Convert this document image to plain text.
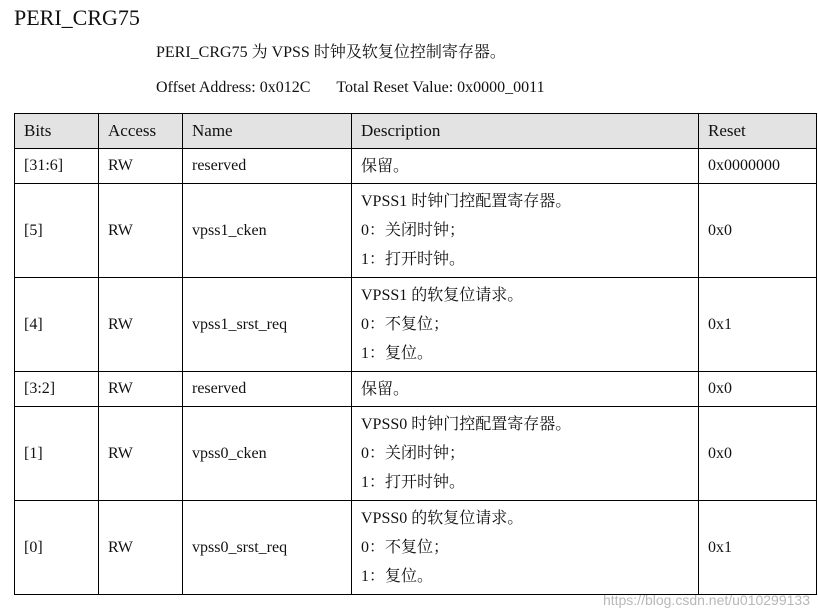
PERI_CRG75
PERI_CRG75 为 VPSS 时钟及软复位控制寄存器。
Offset Address: 0x012C Total Reset Value: 0x0000_0011
Bits	Access	Name	Description	Reset
[31:6]	RW	reserved	保留。	0x0000000
[5]	RW	vpss1_cken	VPSS1 时钟门控配置寄存器。
0：关闭时钟；
1：打开时钟。	0x0
[4]	RW	vpss1_srst_req	VPSS1 的软复位请求。
0：不复位；
1：复位。	0x1
[3:2]	RW	reserved	保留。	0x0
[1]	RW	vpss0_cken	VPSS0 时钟门控配置寄存器。
0：关闭时钟；
1：打开时钟。	0x0
[0]	RW	vpss0_srst_req	VPSS0 的软复位请求。
0：不复位；
1：复位。	0x1
https://blog.csdn.net/u010299133
